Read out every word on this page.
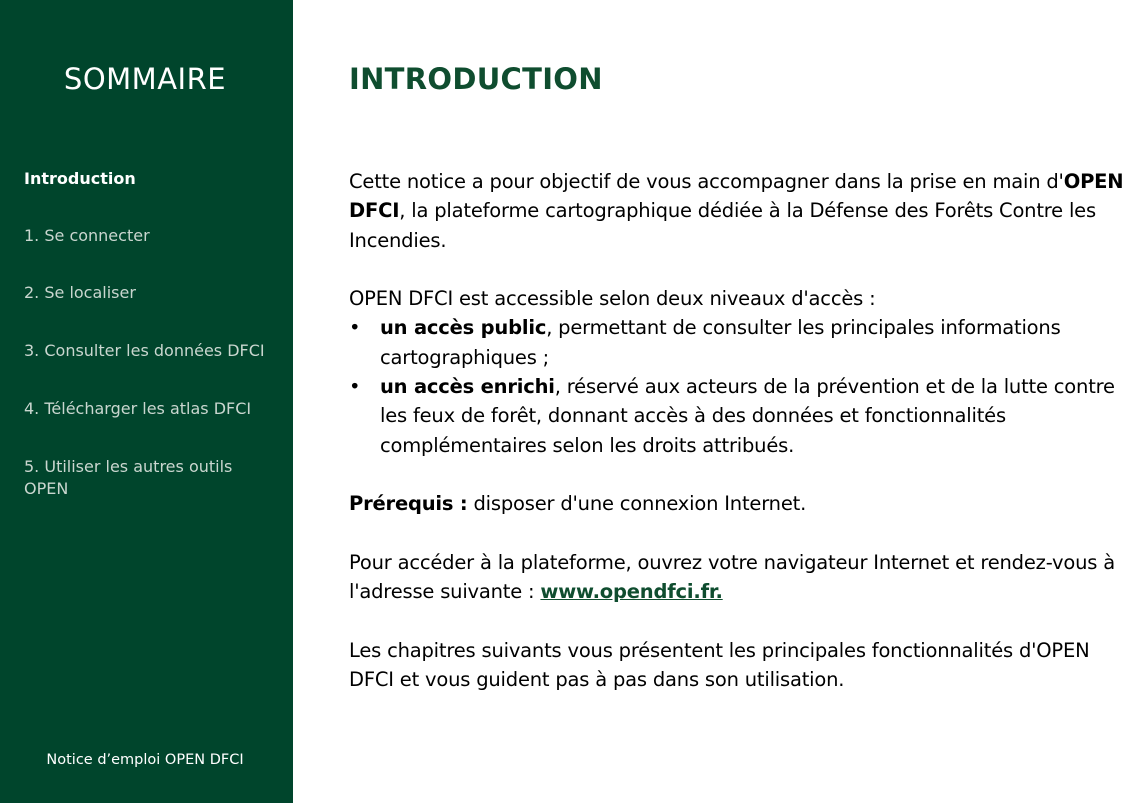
SOMMAIRE
Introduction
1. Se connecter
2. Se localiser
3. Consulter les données DFCI
4. Télécharger les atlas DFCI
5. Utiliser les autres outils OPEN
Notice d’emploi OPEN DFCI
INTRODUCTION

Cette notice a pour objectif de vous accompagner dans la prise en main d'OPEN DFCI, la plateforme cartographique dédiée à la Défense des Forêts Contre les Incendies.

OPEN DFCI est accessible selon deux niveaux d'accès :

• un accès public, permettant de consulter les principales informations cartographiques ;
• un accès enrichi, réservé aux acteurs de la prévention et de la lutte contre les feux de forêt, donnant accès à des données et fonctionnalités complémentaires selon les droits attribués.

Prérequis : disposer d'une connexion Internet.

Pour accéder à la plateforme, ouvrez votre navigateur Internet et rendez-vous à l'adresse suivante : www.opendfci.fr.

Les chapitres suivants vous présentent les principales fonctionnalités d'OPEN DFCI et vous guident pas à pas dans son utilisation.
